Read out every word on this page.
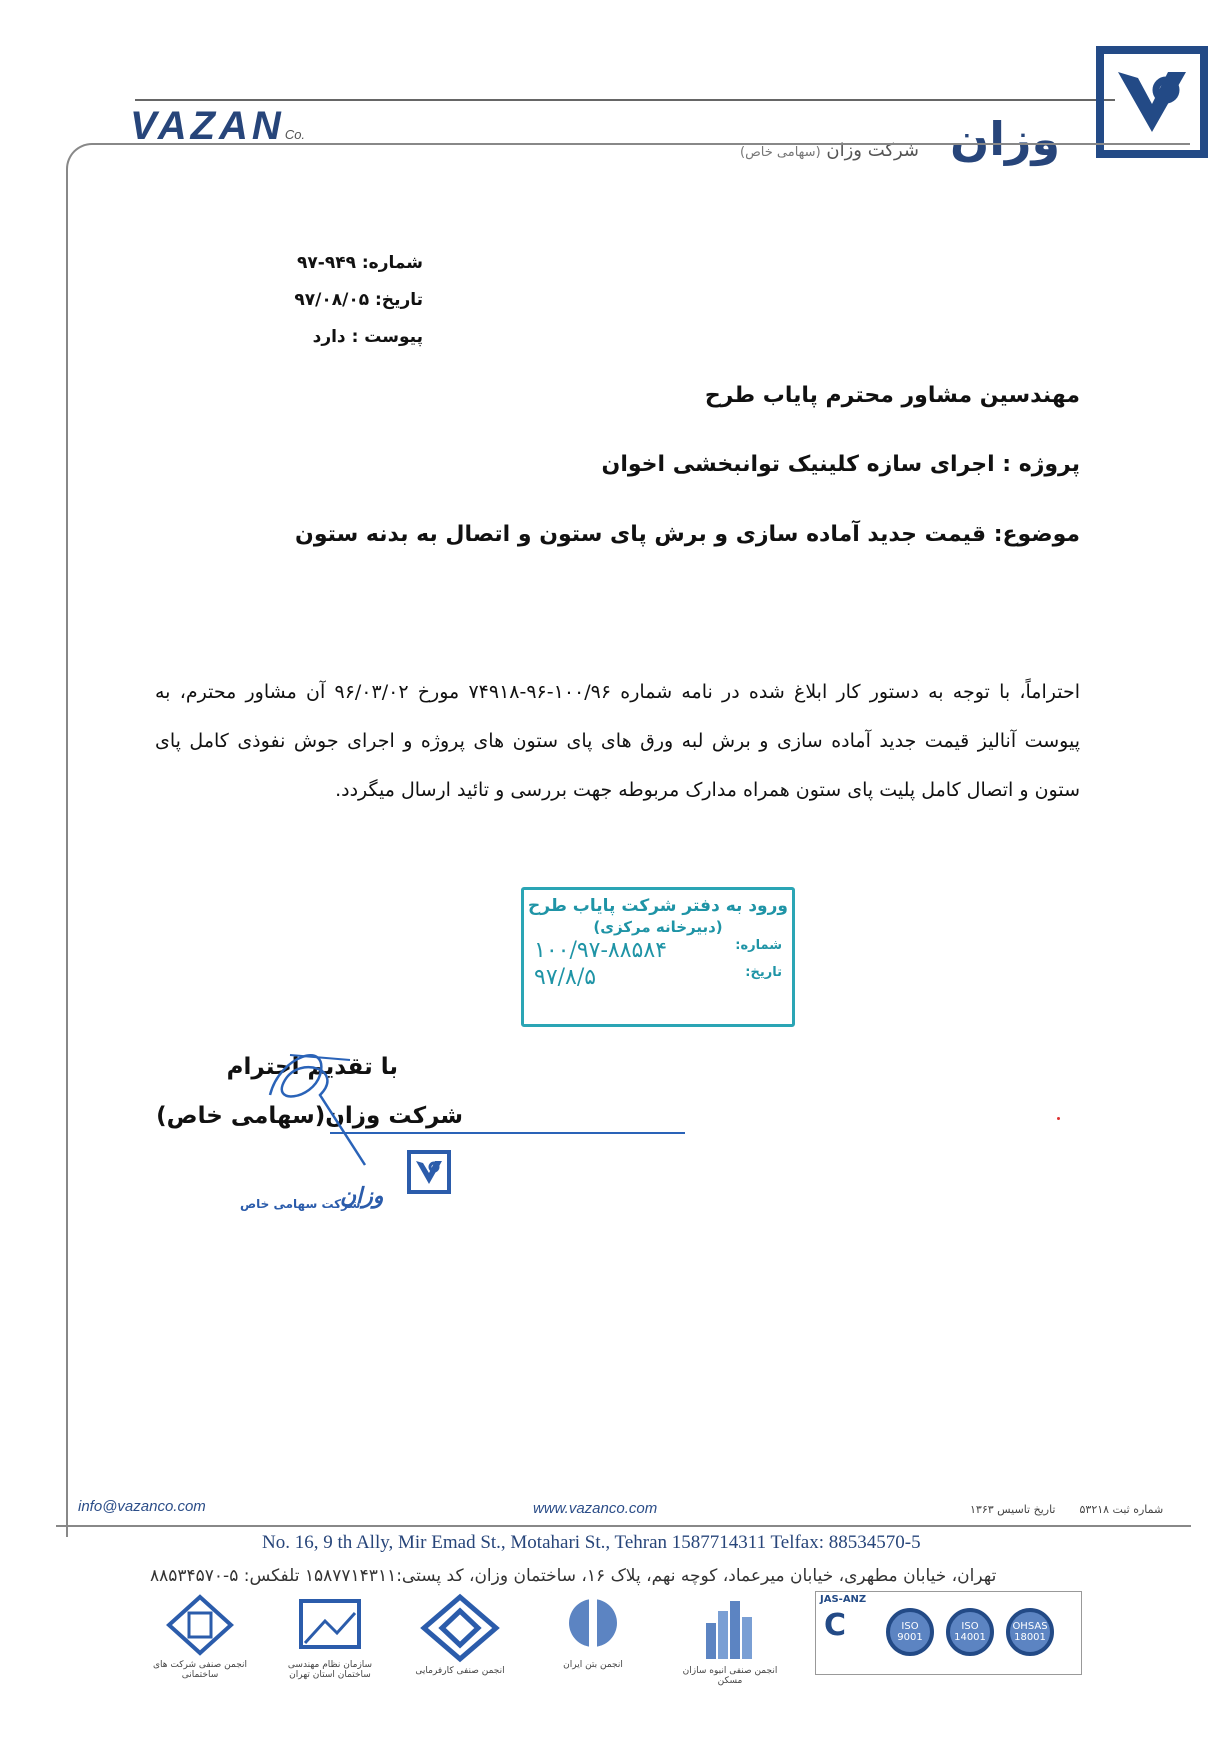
VAZANCo.	وزان
شرکت وزان (سهامی خاص)
شماره: ۹۴۹-۹۷
تاریخ: ۹۷/۰۸/۰۵
پیوست : دارد
مهندسین مشاور محترم پایاب طرح
پروژه : اجرای سازه کلینیک توانبخشی اخوان
موضوع: قیمت جدید آماده سازی و برش پای ستون و اتصال به بدنه ستون
احتراماً، با توجه به دستور کار ابلاغ شده در نامه شماره ۱۰۰/۹۶-۹۶-۷۴۹۱۸ مورخ ۹۶/۰۳/۰۲ آن مشاور محترم، به پیوست آنالیز قیمت جدید آماده سازی و برش لبه ورق های پای ستون های پروژه و اجرای جوش نفوذی کامل پای ستون و اتصال کامل پلیت پای ستون همراه مدارک مربوطه جهت بررسی و تائید ارسال میگردد.
ورود به دفتر شرکت پایاب طرح
(دبیرخانه مرکزی)
شماره:
۱۰۰/۹۷-۸۸۵۸۴
تاریخ:
۹۷/۸/۵
با تقدیم احترام
شرکت وزان(سهامی خاص)
وزان
شرکت سهامی خاص
info@vazanco.com	www.vazanco.com	شماره ثبت ۵۳۲۱۸تاریخ تاسیس ۱۳۶۳
No. 16, 9 th Ally, Mir Emad St., Motahari St., Tehran 1587714311 Telfax: 88534570-5
تهران، خیابان مطهری، خیابان میرعماد، کوچه نهم، پلاک ۱۶، ساختمان وزان، کد پستی:۱۵۸۷۷۱۴۳۱۱ تلفکس: ۵-۸۸۵۳۴۵۷۰
انجمن صنفی شرکت های ساختمانی
سازمان نظام مهندسی ساختمان استان تهران	انجمن صنفی کارفرمایی
انجمن بتن ایران
انجمن صنفی انبوه سازان مسکن
JAS-ANZ
C	ISO 9001
ISO 14001
OHSAS 18001
